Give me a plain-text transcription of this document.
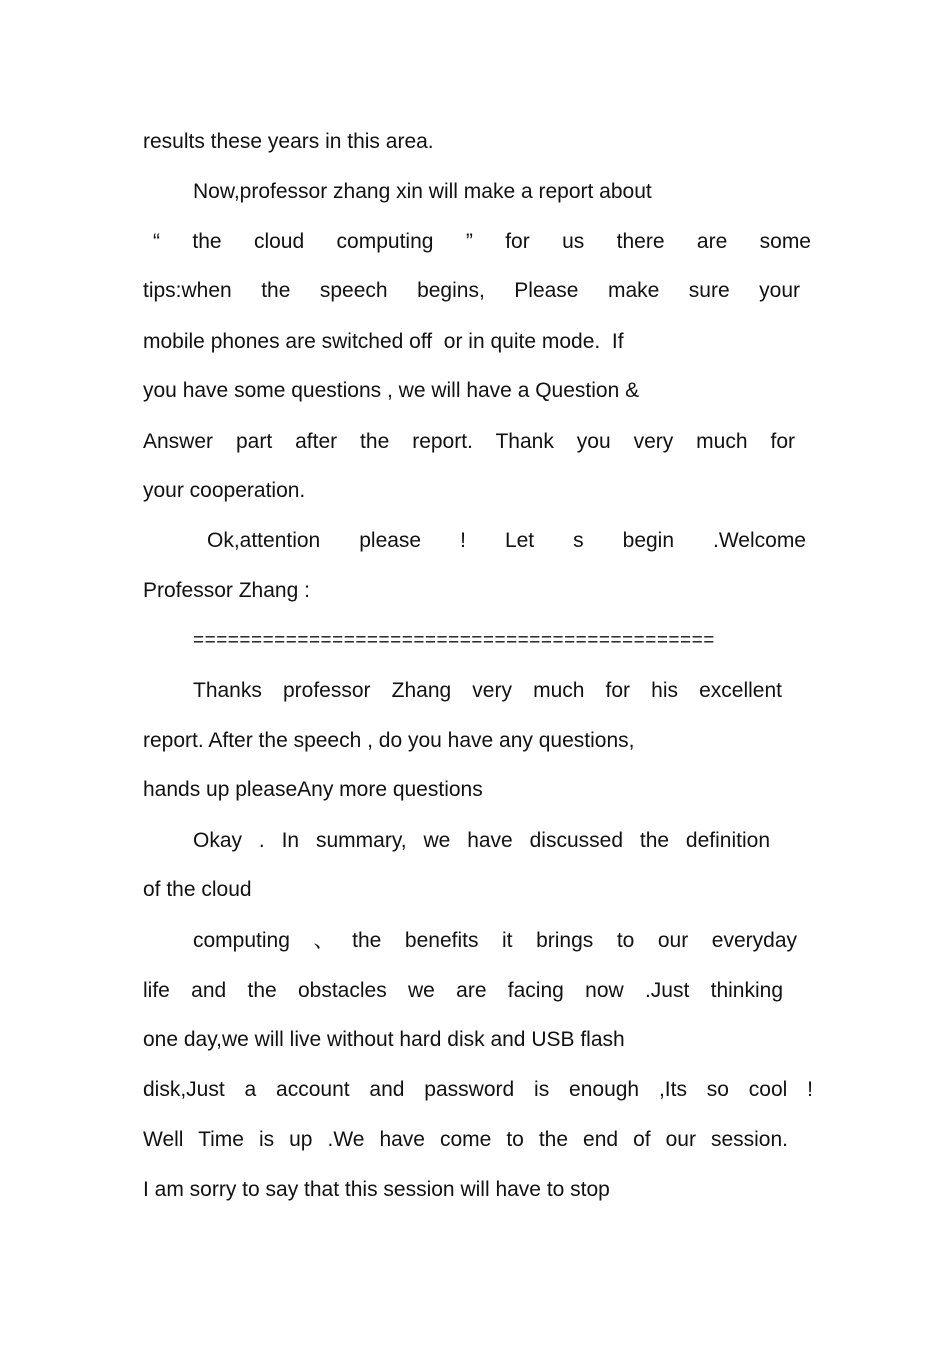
results these years in this area.
Now,professor zhang xin will make a report about
“ the cloud computing ” for us there are some
tips:when the speech begins, Please make sure your
mobile phones are switched off  or in quite mode.  If
you have some questions , we will have a Question &
Answer part after the report. Thank you very much for
your cooperation.
Ok,attention please ! Let s begin .Welcome
Professor Zhang :
=============================================
Thanks professor Zhang very much for his excellent
report. After the speech , do you have any questions,
hands up pleaseAny more questions
Okay . In summary, we have discussed the definition
of the cloud
computing 、the benefits it brings to our everyday
life and the obstacles we are facing now .Just thinking
one day,we will live without hard disk and USB flash
disk,Just a account and password is enough ,Its so cool !
Well Time is up .We have come to the end of our session.
I am sorry to say that this session will have to stop
